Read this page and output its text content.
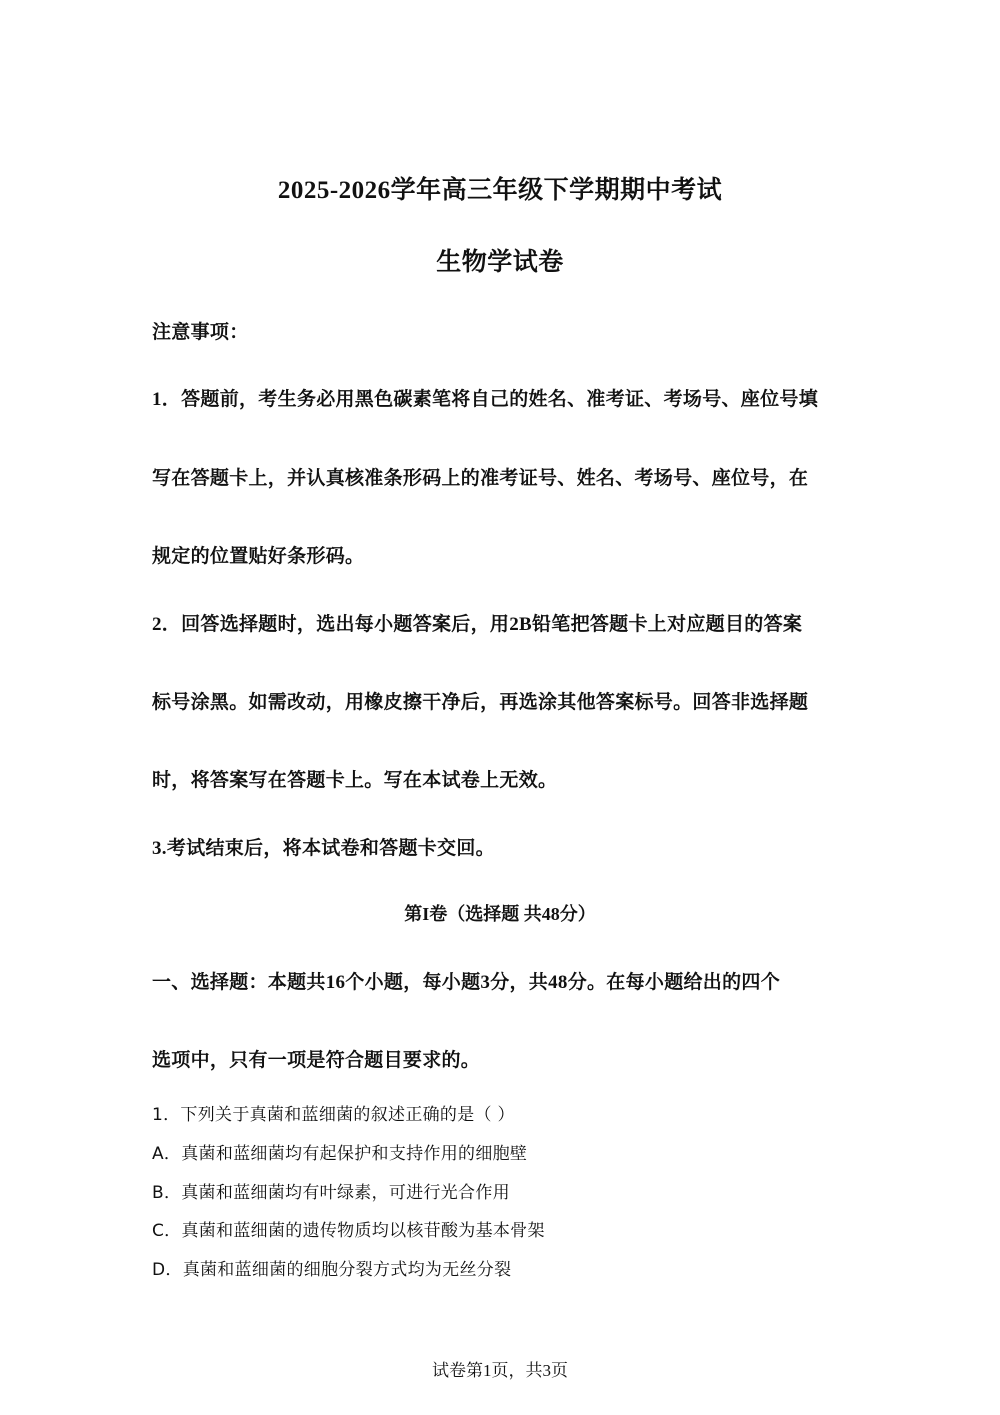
2025-2026学年高三年级下学期期中考试
生物学试卷
注意事项：
1．答题前，考生务必用黑色碳素笔将自己的姓名、准考证、考场号、座位号填
写在答题卡上，并认真核准条形码上的准考证号、姓名、考场号、座位号，在
规定的位置贴好条形码。
2．回答选择题时，选出每小题答案后，用2B铅笔把答题卡上对应题目的答案
标号涂黑。如需改动，用橡皮擦干净后，再选涂其他答案标号。回答非选择题
时，将答案写在答题卡上。写在本试卷上无效。
3.考试结束后，将本试卷和答题卡交回。
第I卷（选择题 共48分）
一、选择题：本题共16个小题，每小题3分，共48分。在每小题给出的四个
选项中，只有一项是符合题目要求的。
1．下列关于真菌和蓝细菌的叙述正确的是（ ）
A．真菌和蓝细菌均有起保护和支持作用的细胞壁
B．真菌和蓝细菌均有叶绿素，可进行光合作用
C．真菌和蓝细菌的遗传物质均以核苷酸为基本骨架
D．真菌和蓝细菌的细胞分裂方式均为无丝分裂
试卷第1页，共3页
